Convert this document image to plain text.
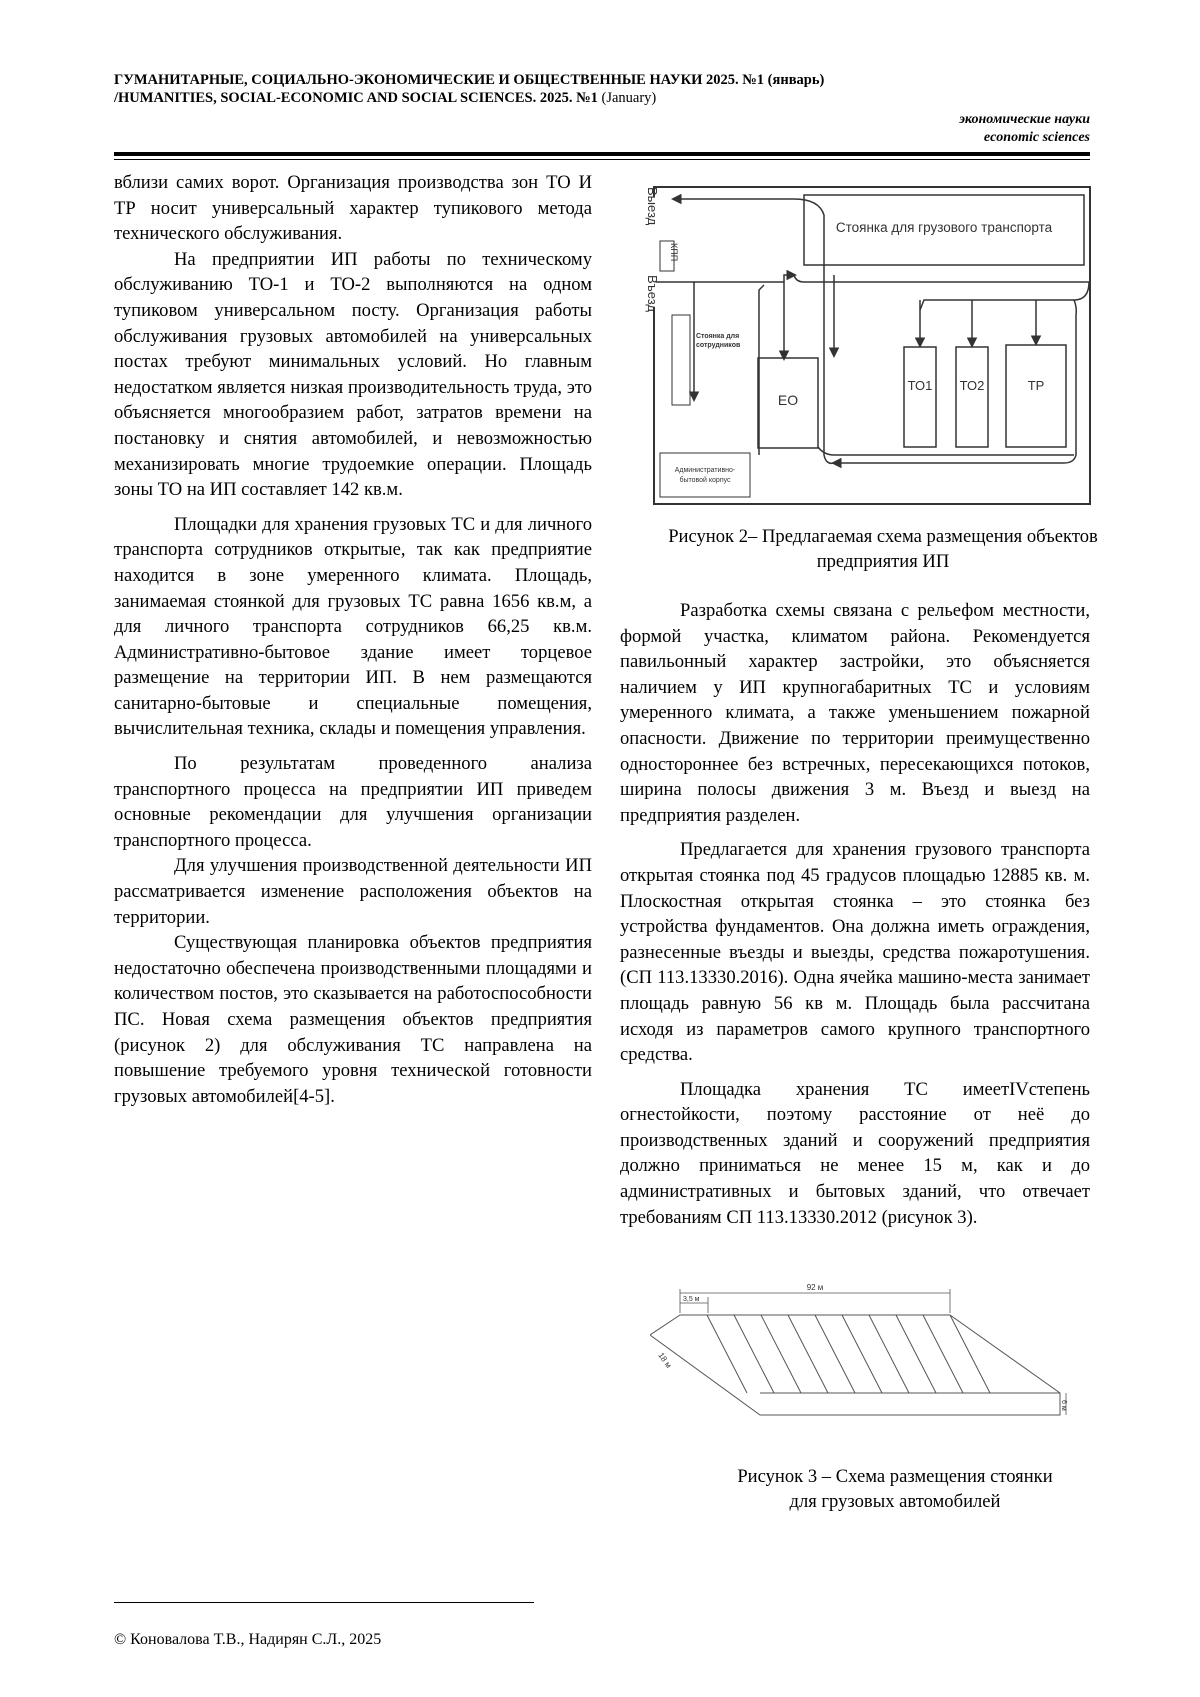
ГУМАНИТАРНЫЕ, СОЦИАЛЬНО-ЭКОНОМИЧЕСКИЕ И ОБЩЕСТВЕННЫЕ НАУКИ 2025. №1 (январь)
/HUMANITIES, SOCIAL-ECONOMIC AND SOCIAL SCIENCES. 2025. №1 (January)
экономические науки
economic sciences

вблизи самих ворот. Организация производства зон ТО И ТР носит универсальный характер тупикового метода технического обслуживания.

На предприятии ИП работы по техническому обслуживанию ТО-1 и ТО-2 выполняются на одном тупиковом универсальном посту. Организация работы обслуживания грузовых автомобилей на универсальных постах требуют минимальных условий. Но главным недостатком является низкая производительность труда, это объясняется многообразием работ, затратов времени на постановку и снятия автомобилей, и невозможностью механизировать многие трудоемкие операции. Площадь зоны ТО на ИП составляет 142 кв.м.

Площадки для хранения грузовых ТС и для личного транспорта сотрудников открытые, так как предприятие находится в зоне умеренного климата. Площадь, занимаемая стоянкой для грузовых ТС равна 1656 кв.м, а для личного транспорта сотрудников 66,25 кв.м. Административно-бытовое здание имеет торцевое размещение на территории ИП. В нем размещаются санитарно-бытовые и специальные помещения, вычислительная техника, склады и помещения управления.

По результатам проведенного анализа транспортного процесса на предприятии ИП приведем основные рекомендации для улучшения организации транспортного процесса.

Для улучшения производственной деятельности ИП рассматривается изменение расположения объектов на территории.

Существующая планировка объектов предприятия недостаточно обеспечена производственными площадями и количеством постов, это сказывается на работоспособности ПС. Новая схема размещения объектов предприятия (рисунок 2) для обслуживания ТС направлена на повышение требуемого уровня технической готовности грузовых автомобилей[4-5].

Выезд
Въезд
КПП
Стоянка для грузового транспорта
Стоянка для
сотрудников
ЕО
ТО1 ТО2	ТР
Административно-
бытовой корпус
Рисунок 2– Предлагаемая схема размещения объектов предприятия ИП

Разработка схемы связана с рельефом местности, формой участка, климатом района. Рекомендуется павильонный характер застройки, это объясняется наличием у ИП крупногабаритных ТС и условиям умеренного климата, а также уменьшением пожарной опасности. Движение по территории преимущественно одностороннее без встречных, пересекающихся потоков, ширина полосы движения 3 м. Въезд и выезд на предприятия разделен.

Предлагается для хранения грузового транспорта открытая стоянка под 45 градусов площадью 12885 кв. м. Плоскостная открытая стоянка – это стоянка без устройства фундаментов. Она должна иметь ограждения, разнесенные въезды и выезды, средства пожаротушения.(СП 113.13330.2016). Одна ячейка машино-места занимает площадь равную 56 кв м. Площадь была рассчитана исходя из параметров самого крупного транспортного средства.

Площадка хранения ТС имеетIVстепень огнестойкости, поэтому расстояние от неё до производственных зданий и сооружений предприятия должно приниматься не менее 15 м, как и до административных и бытовых зданий, что отвечает требованиям СП 113.13330.2012 (рисунок 3).

92 м
3,5 м
18 м
6 м
Рисунок 3 – Схема размещения стоянки
для грузовых автомобилей
© Коновалова Т.В., Надирян С.Л., 2025
